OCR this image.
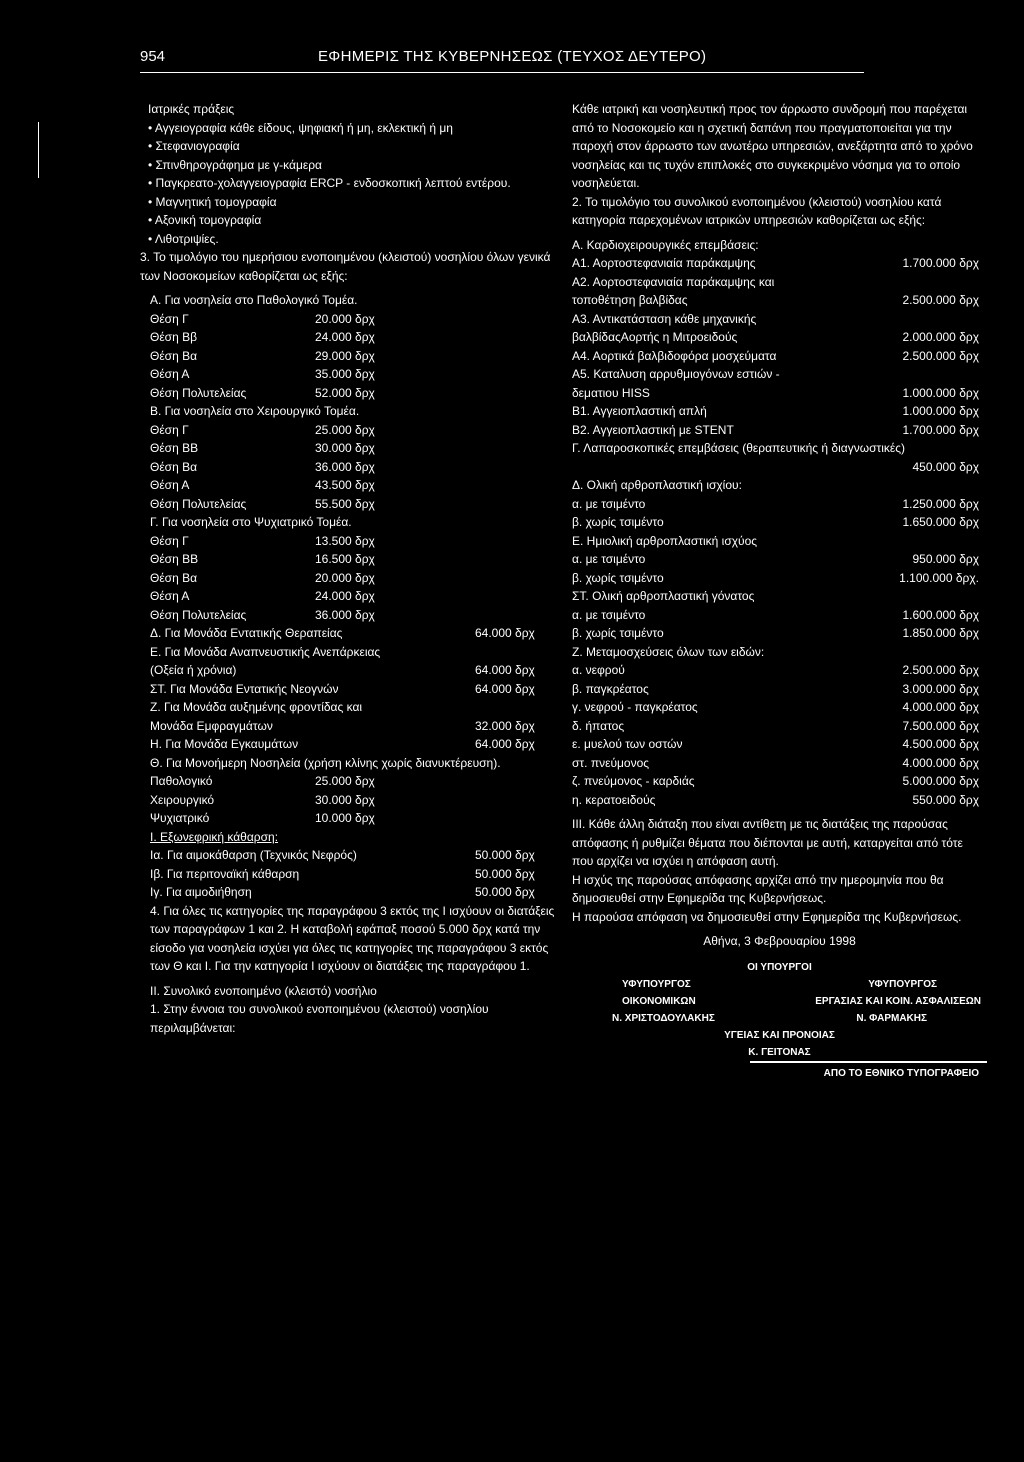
954	ΕΦΗΜΕΡΙΣ ΤΗΣ ΚΥΒΕΡΝΗΣΕΩΣ (ΤΕΥΧΟΣ ΔΕΥΤΕΡΟ)
Ιατρικές πράξεις
• Αγγειογραφία κάθε είδους, ψηφιακή ή μη, εκλεκτική ή μη
• Στεφανιογραφία
• Σπινθηρογράφημα με γ-κάμερα
• Παγκρεατο-χολαγγειογραφία ERCP - ενδοσκοπική λεπτού εντέρου.
• Μαγνητική τομογραφία
• Αξονική τομογραφία
• Λιθοτριψίες.
3. Το τιμολόγιο του ημερήσιου ενοποιημένου (κλειστού) νοσηλίου όλων γενικά των Νοσοκομείων καθορίζεται ως εξής:
Α. Για νοσηλεία στο Παθολογικό Τομέα.
Θέση Γ	20.000 δρχ
Θέση Ββ	24.000 δρχ
Θέση Βα	29.000 δρχ
Θέση Α	35.000 δρχ
Θέση Πολυτελείας	52.000 δρχ
Β. Για νοσηλεία στο Χειρουργικό Τομέα.
Θέση Γ	25.000 δρχ
Θέση ΒΒ	30.000 δρχ
Θέση Βα	36.000 δρχ
Θέση Α	43.500 δρχ
Θέση Πολυτελείας	55.500 δρχ
Γ. Για νοσηλεία στο Ψυχιατρικό Τομέα.
Θέση Γ	13.500 δρχ
Θέση ΒΒ	16.500 δρχ
Θέση Βα	20.000 δρχ
Θέση Α	24.000 δρχ
Θέση Πολυτελείας	36.000 δρχ
Δ. Για Μονάδα Εντατικής Θεραπείας	64.000 δρχ
Ε. Για Μονάδα Αναπνευστικής Ανεπάρκειας
(Οξεία ή χρόνια)	64.000 δρχ
ΣΤ. Για Μονάδα Εντατικής Νεογνών	64.000 δρχ
Ζ. Για Μονάδα αυξημένης φροντίδας και
Μονάδα Εμφραγμάτων	32.000 δρχ
Η. Για Μονάδα Εγκαυμάτων	64.000 δρχ
Θ. Για Μονοήμερη Νοσηλεία (χρήση κλίνης χωρίς διανυκτέρευση).
Παθολογικό	25.000 δρχ
Χειρουργικό	30.000 δρχ
Ψυχιατρικό	10.000 δρχ
Ι. Εξωνεφρική κάθαρση:
Ια. Για αιμοκάθαρση (Τεχνικός Νεφρός)	50.000 δρχ
Ιβ. Για περιτοναϊκή κάθαρση	50.000 δρχ
Ιγ. Για αιμοδιήθηση	50.000 δρχ
4. Για όλες τις κατηγορίες της παραγράφου 3 εκτός της Ι ισχύουν οι διατάξεις των παραγράφων 1 και 2. Η καταβολή εφάπαξ ποσού 5.000 δρχ κατά την είσοδο για νοσηλεία ισχύει για όλες τις κατηγορίες της παραγράφου 3 εκτός των Θ και Ι. Για την κατηγορία Ι ισχύουν οι διατάξεις της παραγράφου 1.
ΙΙ. Συνολικό ενοποιημένο (κλειστό) νοσήλιο
1. Στην έννοια του συνολικού ενοποιημένου (κλειστού) νοσηλίου περιλαμβάνεται:
Κάθε ιατρική και νοσηλευτική προς τον άρρωστο συνδρομή που παρέχεται από το Νοσοκομείο και η σχετική δαπάνη που πραγματοποιείται για την παροχή στον άρρωστο των ανωτέρω υπηρεσιών, ανεξάρτητα από το χρόνο νοσηλείας και τις τυχόν επιπλοκές στο συγκεκριμένο νόσημα για το οποίο νοσηλεύεται.
2. Το τιμολόγιο του συνολικού ενοποιημένου (κλειστού) νοσηλίου κατά κατηγορία παρεχομένων ιατρικών υπηρεσιών καθορίζεται ως εξής:
Α. Καρδιοχειρουργικές επεμβάσεις:
Α1. Αορτοστεφανιαία παράκαμψης	1.700.000 δρχ
Α2. Αορτοστεφανιαία παράκαμψης και
τοποθέτηση βαλβίδας	2.500.000 δρχ
Α3. Αντικατάσταση κάθε μηχανικής
βαλβίδαςΑορτής η Μιτροειδούς	2.000.000 δρχ
Α4. Αορτικά βαλβιδοφόρα μοσχεύματα	2.500.000 δρχ
Α5. Καταλυση αρρυθμιογόνων εστιών -
δεματιου HISS	1.000.000 δρχ
Β1. Αγγειοπλαστική απλή	1.000.000 δρχ
Β2. Αγγειοπλαστική με STENT	1.700.000 δρχ
Γ. Λαπαροσκοπικές επεμβάσεις (θεραπευτικής ή διαγνωστικές)
450.000 δρχ
Δ. Ολική αρθροπλαστική ισχίου:
α. με τσιμέντο	1.250.000 δρχ
β. χωρίς τσιμέντο	1.650.000 δρχ
Ε. Ημιολική αρθροπλαστική ισχύος
α. με τσιμέντο	950.000 δρχ
β. χωρίς τσιμέντο	1.100.000 δρχ.
ΣΤ. Ολική αρθροπλαστική γόνατος
α. με τσιμέντο	1.600.000 δρχ
β. χωρίς τσιμέντο	1.850.000 δρχ
Ζ. Μεταμοσχεύσεις όλων των ειδών:
α. νεφρού	2.500.000 δρχ
β. παγκρέατος	3.000.000 δρχ
γ. νεφρού - παγκρέατος	4.000.000 δρχ
δ. ήπατος	7.500.000 δρχ
ε. μυελού των οστών	4.500.000 δρχ
στ. πνεύμονος	4.000.000 δρχ
ζ. πνεύμονος - καρδιάς	5.000.000 δρχ
η. κερατοειδούς	550.000 δρχ
ΙΙΙ. Κάθε άλλη διάταξη που είναι αντίθετη με τις διατάξεις της παρούσας απόφασης ή ρυθμίζει θέματα που διέπονται με αυτή, καταργείται από τότε που αρχίζει να ισχύει η απόφαση αυτή.
Η ισχύς της παρούσας απόφασης αρχίζει από την ημερομηνία που θα δημοσιευθεί στην Εφημερίδα της Κυβερνήσεως.
Η παρούσα απόφαση να δημοσιευθεί στην Εφημερίδα της Κυβερνήσεως.
Αθήνα, 3 Φεβρουαρίου 1998
ΟΙ ΥΠΟΥΡΓΟΙ
ΥΦΥΠΟΥΡΓΟΣ	ΥΦΥΠΟΥΡΓΟΣ
ΟΙΚΟΝΟΜΙΚΩΝ	ΕΡΓΑΣΙΑΣ ΚΑΙ ΚΟΙΝ. ΑΣΦΑΛΙΣΕΩΝ
Ν. ΧΡΙΣΤΟΔΟΥΛΑΚΗΣ	Ν. ΦΑΡΜΑΚΗΣ
ΥΓΕΙΑΣ ΚΑΙ ΠΡΟΝΟΙΑΣ
Κ. ΓΕΙΤΟΝΑΣ
ΑΠΟ ΤΟ ΕΘΝΙΚΟ ΤΥΠΟΓΡΑΦΕΙΟ
